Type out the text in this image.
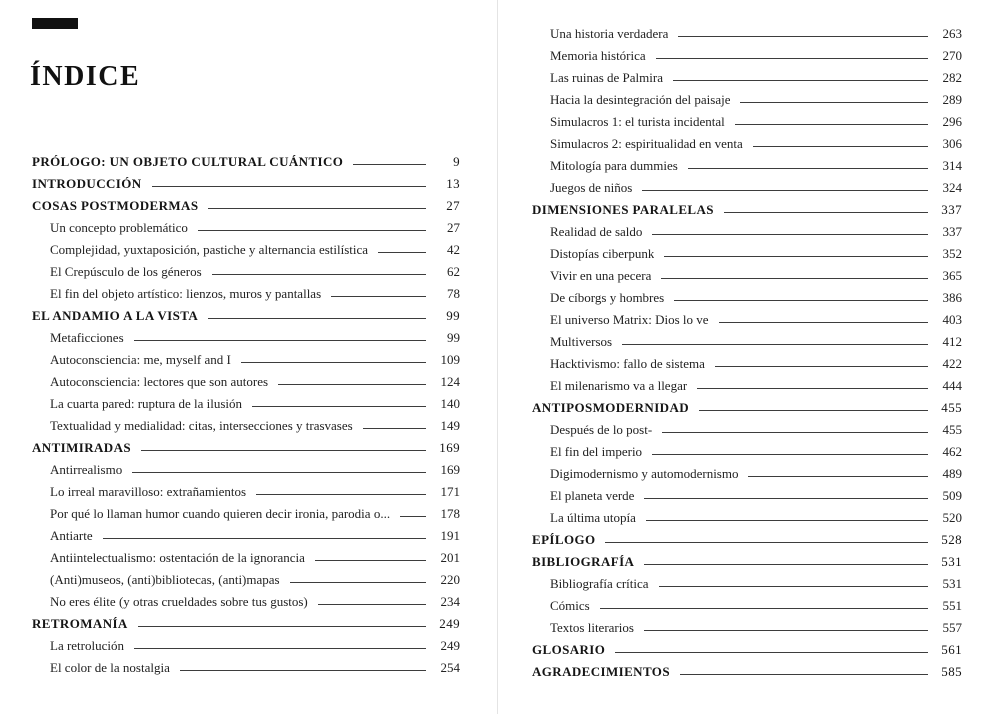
ÍNDICE
PRÓLOGO: UN OBJETO CULTURAL CUÁNTICO	9
INTRODUCCIÓN	13
COSAS POSTMODERMAS	27
Un concepto problemático	27
Complejidad, yuxtaposición, pastiche y alternancia estilística	42
El Crepúsculo de los géneros	62
El fin del objeto artístico: lienzos, muros y pantallas	78
EL ANDAMIO A LA VISTA	99
Metaficciones	99
Autoconsciencia: me, myself and I	109
Autoconsciencia: lectores que son autores	124
La cuarta pared: ruptura de la ilusión	140
Textualidad y medialidad: citas, intersecciones y trasvases	149
ANTIMIRADAS	169
Antirrealismo	169
Lo irreal maravilloso: extrañamientos	171
Por qué lo llaman humor cuando quieren decir ironia, parodia o...	178
Antiarte	191
Antiintelectualismo: ostentación de la ignorancia	201
(Anti)museos, (anti)bibliotecas, (anti)mapas	220
No eres élite (y otras crueldades sobre tus gustos)	234
RETROMANÍA	249
La retrolución	249
El color de la nostalgia	254
Una historia verdadera	263
Memoria histórica	270
Las ruinas de Palmira	282
Hacia la desintegración del paisaje	289
Simulacros 1: el turista incidental	296
Simulacros 2: espiritualidad en venta	306
Mitología para dummies	314
Juegos de niños	324
DIMENSIONES PARALELAS	337
Realidad de saldo	337
Distopías ciberpunk	352
Vivir en una pecera	365
De cíborgs y hombres	386
El universo Matrix: Dios lo ve	403
Multiversos	412
Hacktivismo: fallo de sistema	422
El milenarismo va a llegar	444
ANTIPOSMODERNIDAD	455
Después de lo post-	455
El fin del imperio	462
Digimodernismo y automodernismo	489
El planeta verde	509
La última utopía	520
EPÍLOGO	528
BIBLIOGRAFÍA	531
Bibliografía crítica	531
Cómics	551
Textos literarios	557
GLOSARIO	561
AGRADECIMIENTOS	585
